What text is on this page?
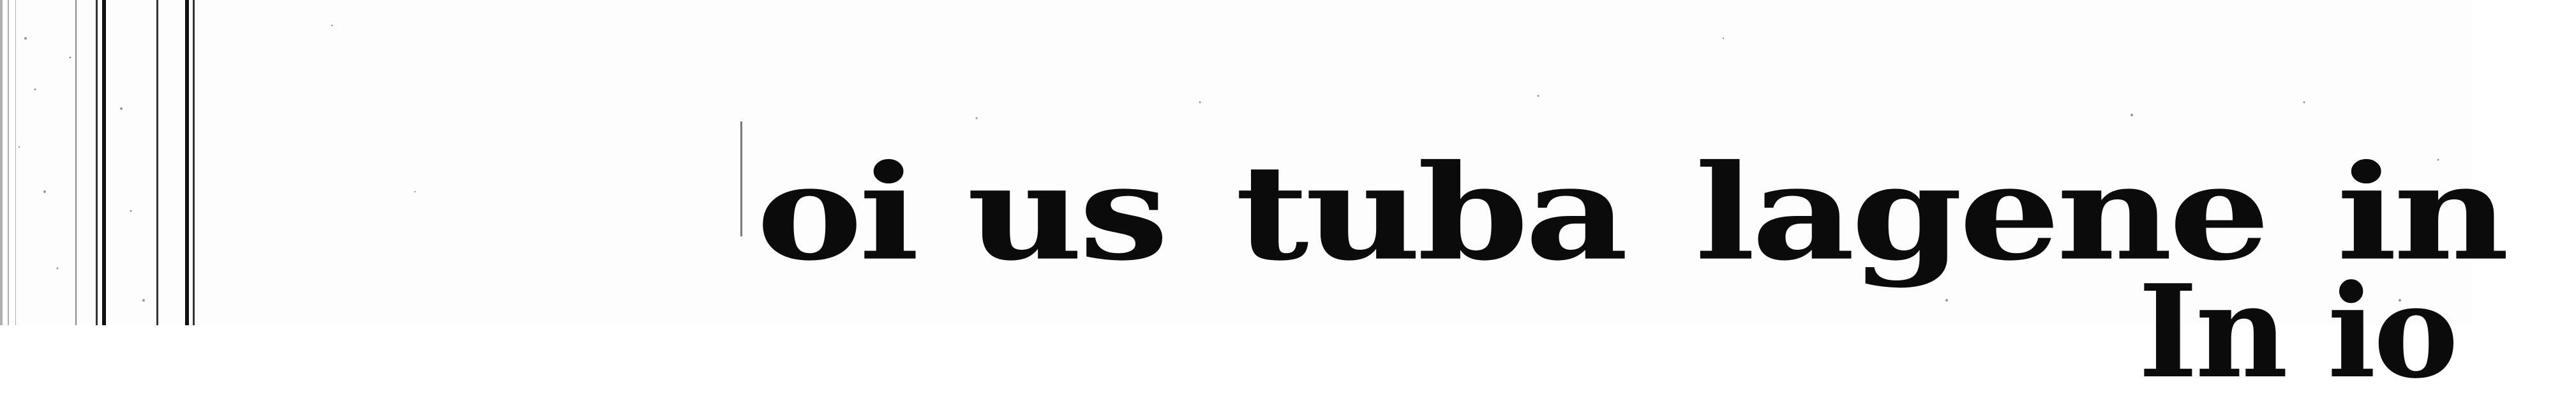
oi us tuba lagene in
In io
